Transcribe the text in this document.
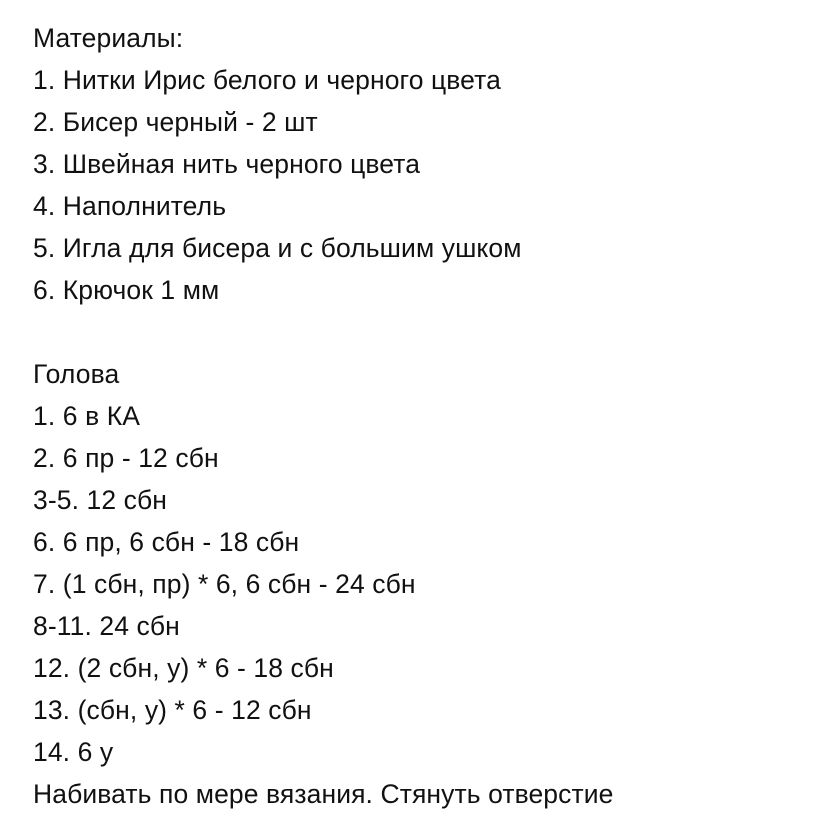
Материалы:
1. Нитки Ирис белого и черного цвета
2. Бисер черный - 2 шт
3. Швейная нить черного цвета
4. Наполнитель
5. Игла для бисера и с большим ушком
6. Крючок 1 мм
Голова
1. 6 в КА
2. 6 пр - 12 сбн
3-5. 12 сбн
6. 6 пр, 6 сбн - 18 сбн
7. (1 сбн, пр) * 6, 6 сбн - 24 сбн
8-11. 24 сбн
12. (2 сбн, у) * 6 - 18 сбн
13. (сбн, у) * 6 - 12 сбн
14. 6 у
Набивать по мере вязания. Стянуть отверстие
